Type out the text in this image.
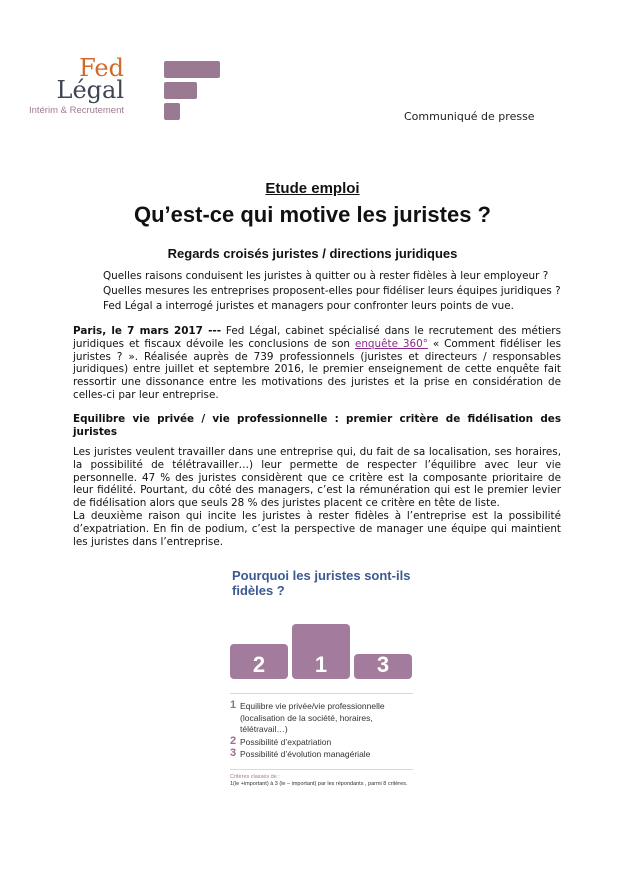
Fed
Légal
Intérim & Recrutement	Communiqué de presse
Etude emploi
Qu’est-ce qui motive les juristes ?
Regards croisés juristes / directions juridiques
Quelles raisons conduisent les juristes à quitter ou à rester fidèles à leur employeur ?
Quelles mesures les entreprises proposent-elles pour fidéliser leurs équipes juridiques ?
Fed Légal a interrogé juristes et managers pour confronter leurs points de vue.
Paris, le 7 mars 2017 --- Fed Légal, cabinet spécialisé dans le recrutement des métiers juridiques et fiscaux dévoile les conclusions de son enquête 360° « Comment fidéliser les juristes ? ». Réalisée auprès de 739 professionnels (juristes et directeurs / responsables juridiques) entre juillet et septembre 2016, le premier enseignement de cette enquête fait ressortir une dissonance entre les motivations des juristes et la prise en considération de celles-ci par leur entreprise.
Equilibre vie privée / vie professionnelle : premier critère de fidélisation des juristes
Les juristes veulent travailler dans une entreprise qui, du fait de sa localisation, ses horaires, la possibilité de télétravailler…) leur permette de respecter l’équilibre avec leur vie personnelle. 47 % des juristes considèrent que ce critère est la composante prioritaire de leur fidélité. Pourtant, du côté des managers, c’est la rémunération qui est le premier levier de fidélisation alors que seuls 28 % des juristes placent ce critère en tête de liste.
La deuxième raison qui incite les juristes à rester fidèles à l’entreprise est la possibilité d’expatriation. En fin de podium, c’est la perspective de manager une équipe qui maintient les juristes dans l’entreprise.
Pourquoi les juristes sont-ils fidèles ?
2	1	3
1 Equilibre vie privée/vie professionnelle (localisation de la société, horaires, télétravail…)
2 Possibilité d’expatriation
3 Possibilité d’évolution managériale
Critères classés de :
1(le +important) à 3 (le – important) par les répondants , parmi 8 critères.
